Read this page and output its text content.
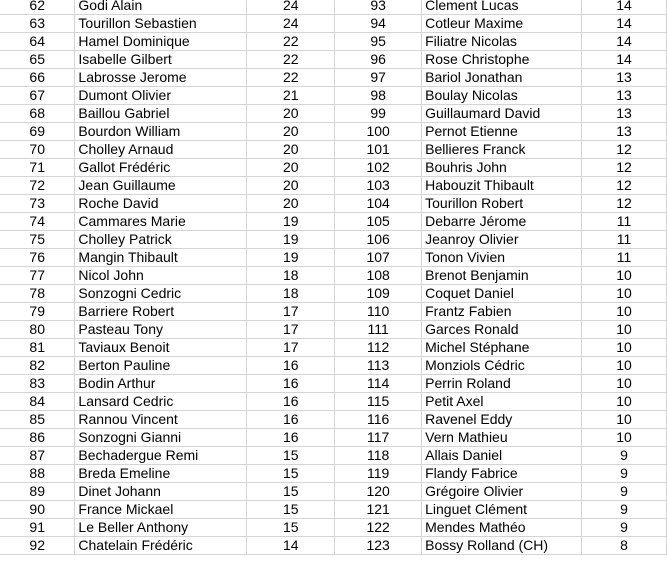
62	Godi Alain	24	93	Clement Lucas	14
63	Tourillon Sebastien	24	94	Cotleur Maxime	14
64	Hamel Dominique	22	95	Filiatre Nicolas	14
65	Isabelle Gilbert	22	96	Rose Christophe	14
66	Labrosse Jerome	22	97	Bariol Jonathan	13
67	Dumont Olivier	21	98	Boulay Nicolas	13
68	Baillou Gabriel	20	99	Guillaumard David	13
69	Bourdon William	20	100	Pernot Etienne	13
70	Cholley Arnaud	20	101	Bellieres Franck	12
71	Gallot Frédéric	20	102	Bouhris John	12
72	Jean Guillaume	20	103	Habouzit Thibault	12
73	Roche David	20	104	Tourillon Robert	12
74	Cammares Marie	19	105	Debarre Jérome	11
75	Cholley Patrick	19	106	Jeanroy Olivier	11
76	Mangin Thibault	19	107	Tonon Vivien	11
77	Nicol John	18	108	Brenot Benjamin	10
78	Sonzogni Cedric	18	109	Coquet Daniel	10
79	Barriere Robert	17	110	Frantz Fabien	10
80	Pasteau Tony	17	111	Garces Ronald	10
81	Taviaux Benoit	17	112	Michel Stéphane	10
82	Berton Pauline	16	113	Monziols Cédric	10
83	Bodin Arthur	16	114	Perrin Roland	10
84	Lansard Cedric	16	115	Petit Axel	10
85	Rannou Vincent	16	116	Ravenel Eddy	10
86	Sonzogni Gianni	16	117	Vern Mathieu	10
87	Bechadergue Remi	15	118	Allais Daniel	9
88	Breda Emeline	15	119	Flandy Fabrice	9
89	Dinet Johann	15	120	Grégoire Olivier	9
90	France Mickael	15	121	Linguet Clément	9
91	Le Beller Anthony	15	122	Mendes Mathéo	9
92	Chatelain Frédéric	14	123	Bossy Rolland (CH)	8
